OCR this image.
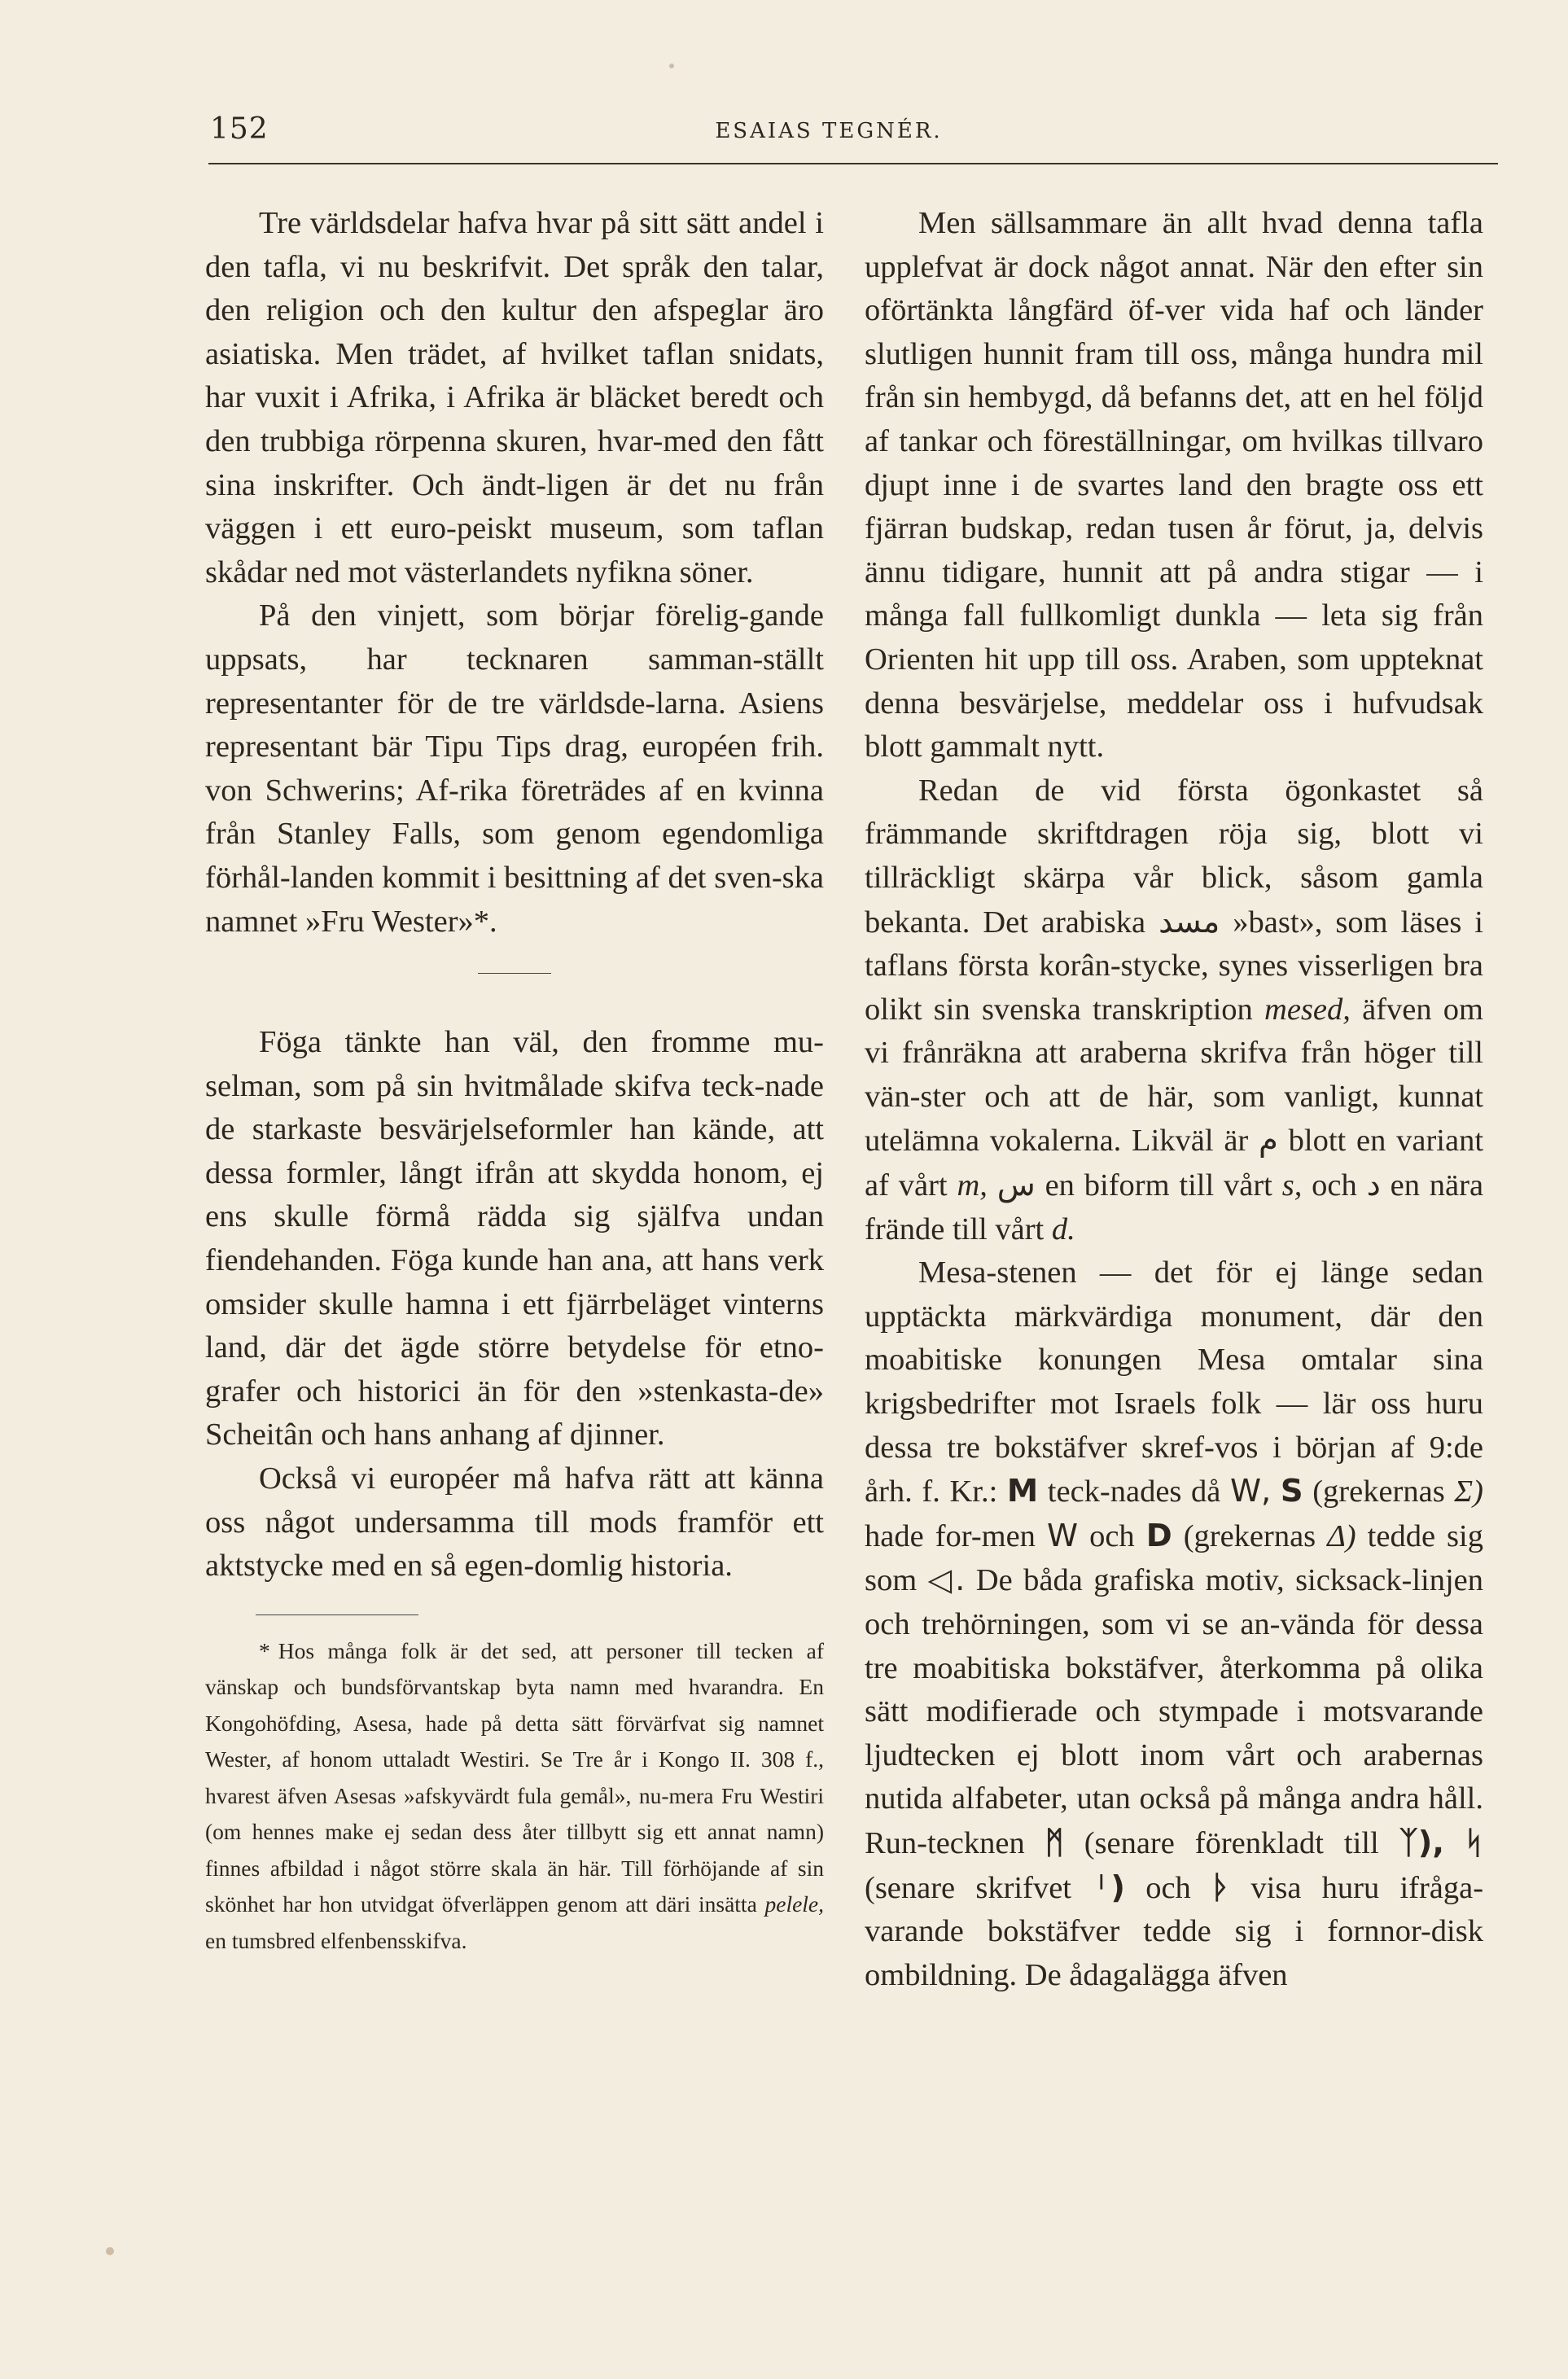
152	ESAIAS TEGNÉR.

Tre världsdelar hafva hvar på sitt sätt andel i den tafla, vi nu beskrifvit. Det språk den talar, den religion och den kultur den afspeglar äro asiatiska. Men trädet, af hvilket taflan snidats, har vuxit i Afrika, i Afrika är bläcket beredt och den trubbiga rörpenna skuren, hvar-med den fått sina inskrifter. Och ändt-ligen är det nu från väggen i ett euro-peiskt museum, som taflan skådar ned mot västerlandets nyfikna söner.

På den vinjett, som börjar förelig-gande uppsats, har tecknaren samman-ställt representanter för de tre världsde-larna. Asiens representant bär Tipu Tips drag, européen frih. von Schwerins; Af-rika företrädes af en kvinna från Stanley Falls, som genom egendomliga förhål-landen kommit i besittning af det sven-ska namnet »Fru Wester»*.

Föga tänkte han väl, den fromme mu-selman, som på sin hvitmålade skifva teck-nade de starkaste besvärjelseformler han kände, att dessa formler, långt ifrån att skydda honom, ej ens skulle förmå rädda sig själfva undan fiendehanden. Föga kunde han ana, att hans verk omsider skulle hamna i ett fjärrbeläget vinterns land, där det ägde större betydelse för etno-grafer och historici än för den »stenkasta-de» Scheitân och hans anhang af djinner.

Också vi européer må hafva rätt att känna oss något undersamma till mods framför ett aktstycke med en så egen-domlig historia.

* Hos många folk är det sed, att personer till tecken af vänskap och bundsförvantskap byta namn med hvarandra. En Kongohöfding, Asesa, hade på detta sätt förvärfvat sig namnet Wester, af honom uttaladt Westiri. Se Tre år i Kongo II. 308 f., hvarest äfven Asesas »afskyvärdt fula gemål», nu-mera Fru Westiri (om hennes make ej sedan dess åter tillbytt sig ett annat namn) finnes afbildad i något större skala än här. Till förhöjande af sin skönhet har hon utvidgat öfverläppen genom att däri insätta pelele, en tumsbred elfenbensskifva.

Men sällsammare än allt hvad denna tafla upplefvat är dock något annat. När den efter sin oförtänkta långfärd öf-ver vida haf och länder slutligen hunnit fram till oss, många hundra mil från sin hembygd, då befanns det, att en hel följd af tankar och föreställningar, om hvilkas tillvaro djupt inne i de svartes land den bragte oss ett fjärran budskap, redan tusen år förut, ja, delvis ännu tidigare, hunnit att på andra stigar — i många fall fullkomligt dunkla — leta sig från Orienten hit upp till oss. Araben, som uppteknat denna besvärjelse, meddelar oss i hufvudsak blott gammalt nytt.

Redan de vid första ögonkastet så främmande skriftdragen röja sig, blott vi tillräckligt skärpa vår blick, såsom gamla bekanta. Det arabiska مسد »bast», som läses i taflans första korân-stycke, synes visserligen bra olikt sin svenska transkription mesed, äfven om vi frånräkna att araberna skrifva från höger till vän-ster och att de här, som vanligt, kunnat utelämna vokalerna. Likväl är م blott en variant af vårt m, س en biform till vårt s, och د en nära frände till vårt d.

Mesa-stenen — det för ej länge sedan upptäckta märkvärdiga monument, där den moabitiske konungen Mesa omtalar sina krigsbedrifter mot Israels folk — lär oss huru dessa tre bokstäfver skref-vos i början af 9:de årh. f. Kr.: M teck-nades då W, S (grekernas Σ) hade for-men W och D (grekernas Δ) tedde sig som ◁. De båda grafiska motiv, sicksack-linjen och trehörningen, som vi se an-vända för dessa tre moabitiska bokstäfver, återkomma på olika sätt modifierade och stympade i motsvarande ljudtecken ej blott inom vårt och arabernas nutida alfabeter, utan också på många andra håll. Run-tecknen ᛗ (senare förenkladt till ᛉ), ᛋ (senare skrifvet ᛌ) och ᚦ visa huru ifråga-varande bokstäfver tedde sig i fornnor-disk ombildning. De ådagalägga äfven
